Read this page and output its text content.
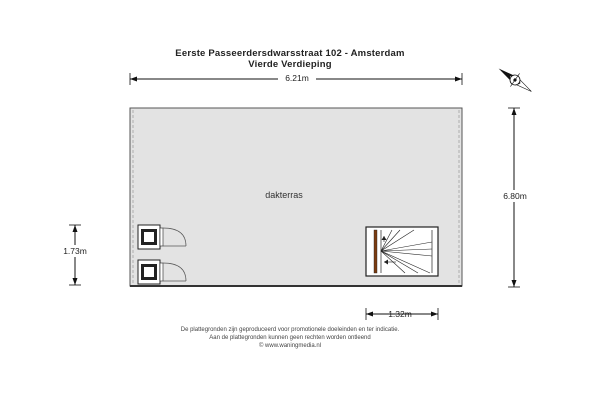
Eerste Passeerdersdwarsstraat 102 - Amsterdam
Vierde Verdieping
6.21m
6.80m
1.73m
1.32m
dakterras
De plattegronden zijn geproduceerd voor promotionele doeleinden en ter indicatie.
Aan de plattegronden kunnen geen rechten worden ontleend
© www.waningmedia.nl
